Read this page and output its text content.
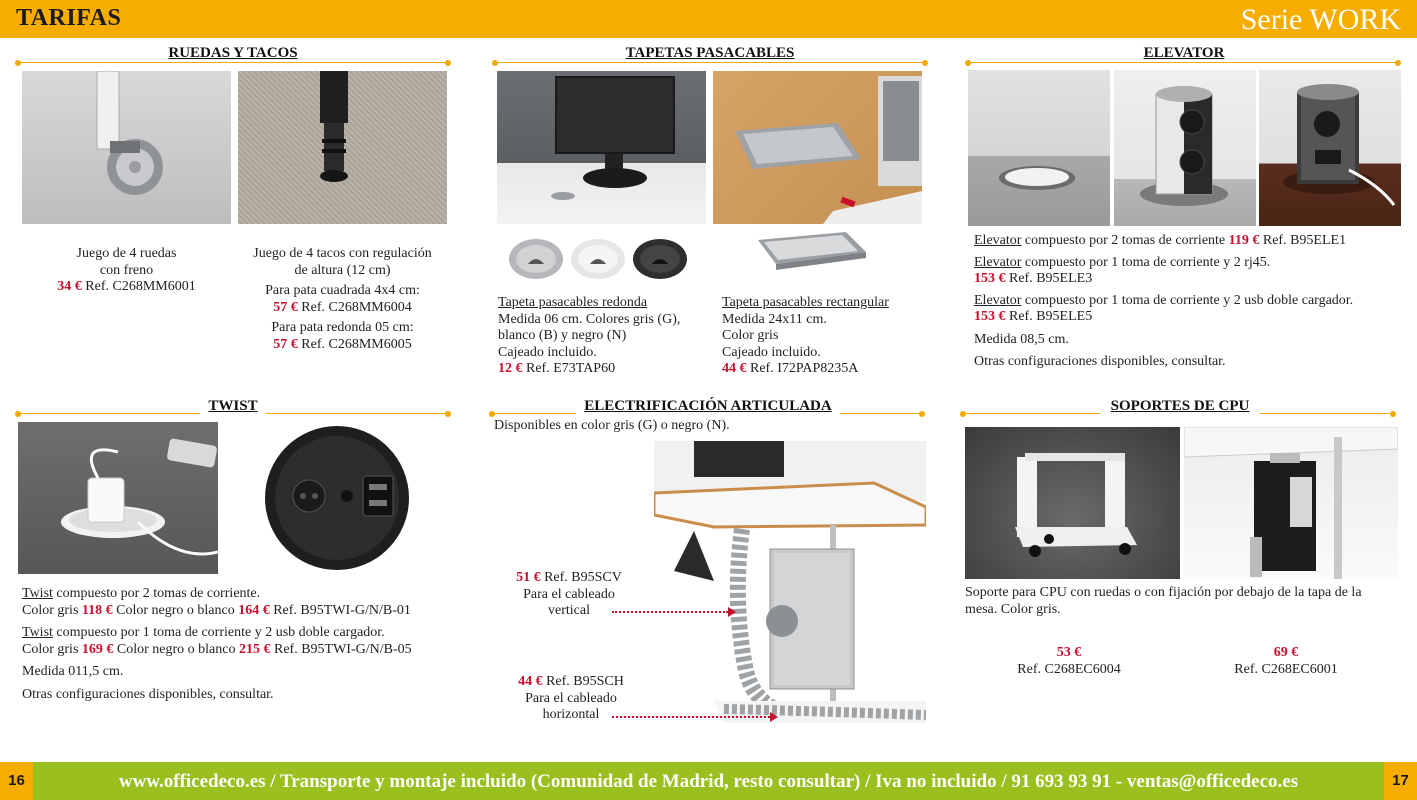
TARIFAS	Serie WORK
RUEDAS Y TACOS
Juego de 4 ruedas
con freno
34 € Ref. C268MM6001
Juego de 4 tacos con regulación
de altura (12 cm)
Para pata cuadrada 4x4 cm:
57 € Ref. C268MM6004
Para pata redonda 05 cm:
57 € Ref. C268MM6005
TAPETAS PASACABLES
Tapeta pasacables redonda
Medida 06 cm. Colores gris (G),
blanco (B) y negro (N)
Cajeado incluido.
12 € Ref. E73TAP60
Tapeta pasacables rectangular
Medida 24x11 cm.
Color gris
Cajeado incluido.
44 € Ref. I72PAP8235A
ELEVATOR
Elevator compuesto por 2 tomas de corriente 119 € Ref. B95ELE1
Elevator compuesto por 1 toma de corriente y 2 rj45.
153 € Ref. B95ELE3
Elevator compuesto por 1 toma de corriente y 2 usb doble cargador.
153 € Ref. B95ELE5
Medida 08,5 cm.
Otras configuraciones disponibles, consultar.
TWIST
Twist compuesto por 2 tomas de corriente.
Color gris 118 € Color negro o blanco 164 € Ref. B95TWI-G/N/B-01
Twist compuesto por 1 toma de corriente y 2 usb doble cargador.
Color gris 169 € Color negro o blanco 215 € Ref. B95TWI-G/N/B-05
Medida 011,5 cm.
Otras configuraciones disponibles, consultar.
ELECTRIFICACIÓN ARTICULADA
Disponibles en color gris (G) o negro (N).
51 € Ref. B95SCV
Para el cableado
vertical
44 € Ref. B95SCH
Para el cableado
horizontal
SOPORTES DE CPU
Soporte para CPU con ruedas o con fijación por debajo de la tapa de la
mesa. Color gris.
53 €
Ref. C268EC6004
69 €
Ref. C268EC6001
16	www.officedeco.es / Transporte y montaje incluido (Comunidad de Madrid, resto consultar) / Iva no incluido / 91 693 93 91 - ventas@officedeco.es	17
